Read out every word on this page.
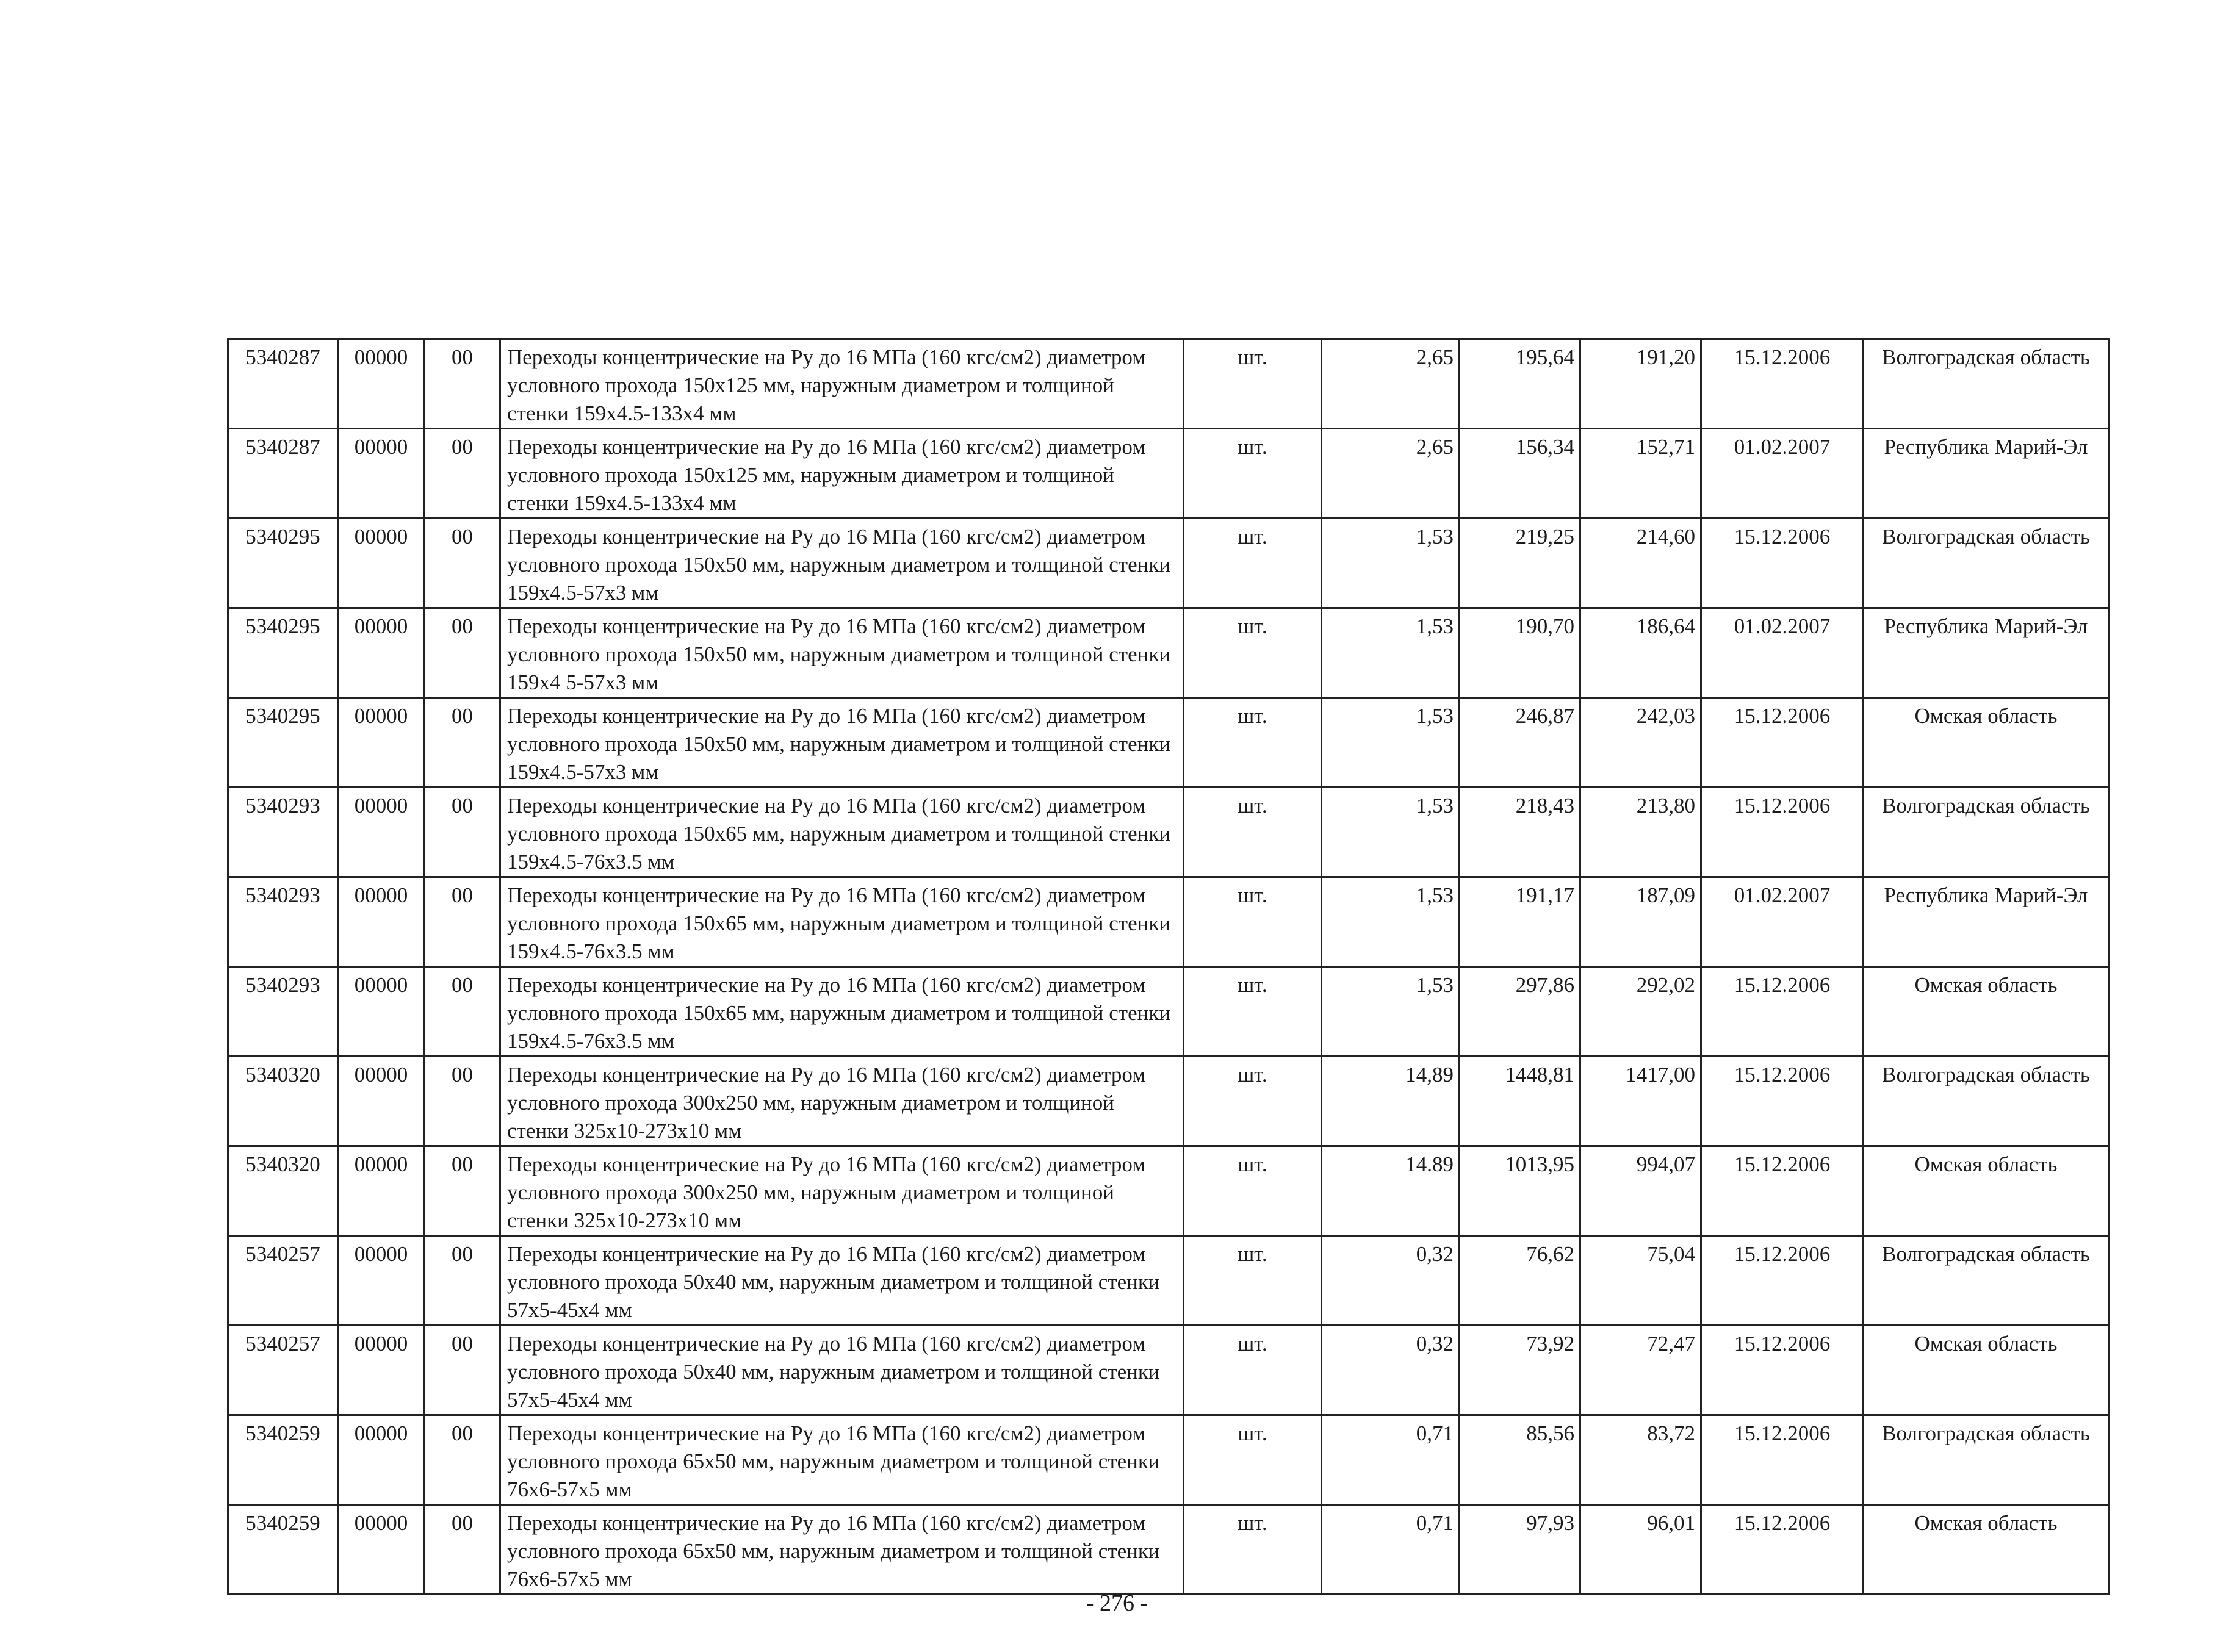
5340287	00000	00	Переходы концентрические на Ру до 16 МПа (160 кгс/см2) диаметром условного прохода 150х125 мм, наружным диаметром и толщиной стенки 159х4.5-133х4 мм	шт.	2,65	195,64	191,20	15.12.2006	Волгоградская область
5340287	00000	00	Переходы концентрические на Ру до 16 МПа (160 кгс/см2) диаметром условного прохода 150х125 мм, наружным диаметром и толщиной стенки 159х4.5-133х4 мм	шт.	2,65	156,34	152,71	01.02.2007	Республика Марий-Эл
5340295	00000	00	Переходы концентрические на Ру до 16 МПа (160 кгс/см2) диаметром условного прохода 150х50 мм, наружным диаметром и толщиной стенки 159х4.5-57х3 мм	шт.	1,53	219,25	214,60	15.12.2006	Волгоградская область
5340295	00000	00	Переходы концентрические на Ру до 16 МПа (160 кгс/см2) диаметром условного прохода 150х50 мм, наружным диаметром и толщиной стенки 159х4 5-57х3 мм	шт.	1,53	190,70	186,64	01.02.2007	Республика Марий-Эл
5340295	00000	00	Переходы концентрические на Ру до 16 МПа (160 кгс/см2) диаметром условного прохода 150х50 мм, наружным диаметром и толщиной стенки 159х4.5-57х3 мм	шт.	1,53	246,87	242,03	15.12.2006	Омская область
5340293	00000	00	Переходы концентрические на Ру до 16 МПа (160 кгс/см2) диаметром условного прохода 150х65 мм, наружным диаметром и толщиной стенки 159х4.5-76х3.5 мм	шт.	1,53	218,43	213,80	15.12.2006	Волгоградская область
5340293	00000	00	Переходы концентрические на Ру до 16 МПа (160 кгс/см2) диаметром условного прохода 150х65 мм, наружным диаметром и толщиной стенки 159х4.5-76х3.5 мм	шт.	1,53	191,17	187,09	01.02.2007	Республика Марий-Эл
5340293	00000	00	Переходы концентрические на Ру до 16 МПа (160 кгс/см2) диаметром условного прохода 150х65 мм, наружным диаметром и толщиной стенки 159х4.5-76х3.5 мм	шт.	1,53	297,86	292,02	15.12.2006	Омская область
5340320	00000	00	Переходы концентрические на Ру до 16 МПа (160 кгс/см2) диаметром условного прохода 300х250 мм, наружным диаметром и толщиной стенки 325х10-273х10 мм	шт.	14,89	1448,81	1417,00	15.12.2006	Волгоградская область
5340320	00000	00	Переходы концентрические на Ру до 16 МПа (160 кгс/см2) диаметром условного прохода 300х250 мм, наружным диаметром и толщиной стенки 325х10-273х10 мм	шт.	14.89	1013,95	994,07	15.12.2006	Омская область
5340257	00000	00	Переходы концентрические на Ру до 16 МПа (160 кгс/см2) диаметром условного прохода 50х40 мм, наружным диаметром и толщиной стенки 57х5-45х4 мм	шт.	0,32	76,62	75,04	15.12.2006	Волгоградская область
5340257	00000	00	Переходы концентрические на Ру до 16 МПа (160 кгс/см2) диаметром условного прохода 50х40 мм, наружным диаметром и толщиной стенки 57х5-45х4 мм	шт.	0,32	73,92	72,47	15.12.2006	Омская область
5340259	00000	00	Переходы концентрические на Ру до 16 МПа (160 кгс/см2) диаметром условного прохода 65х50 мм, наружным диаметром и толщиной стенки 76х6-57х5 мм	шт.	0,71	85,56	83,72	15.12.2006	Волгоградская область
5340259	00000	00	Переходы концентрические на Ру до 16 МПа (160 кгс/см2) диаметром условного прохода 65х50 мм, наружным диаметром и толщиной стенки 76х6-57х5 мм	шт.	0,71	97,93	96,01	15.12.2006	Омская область
- 276 -
